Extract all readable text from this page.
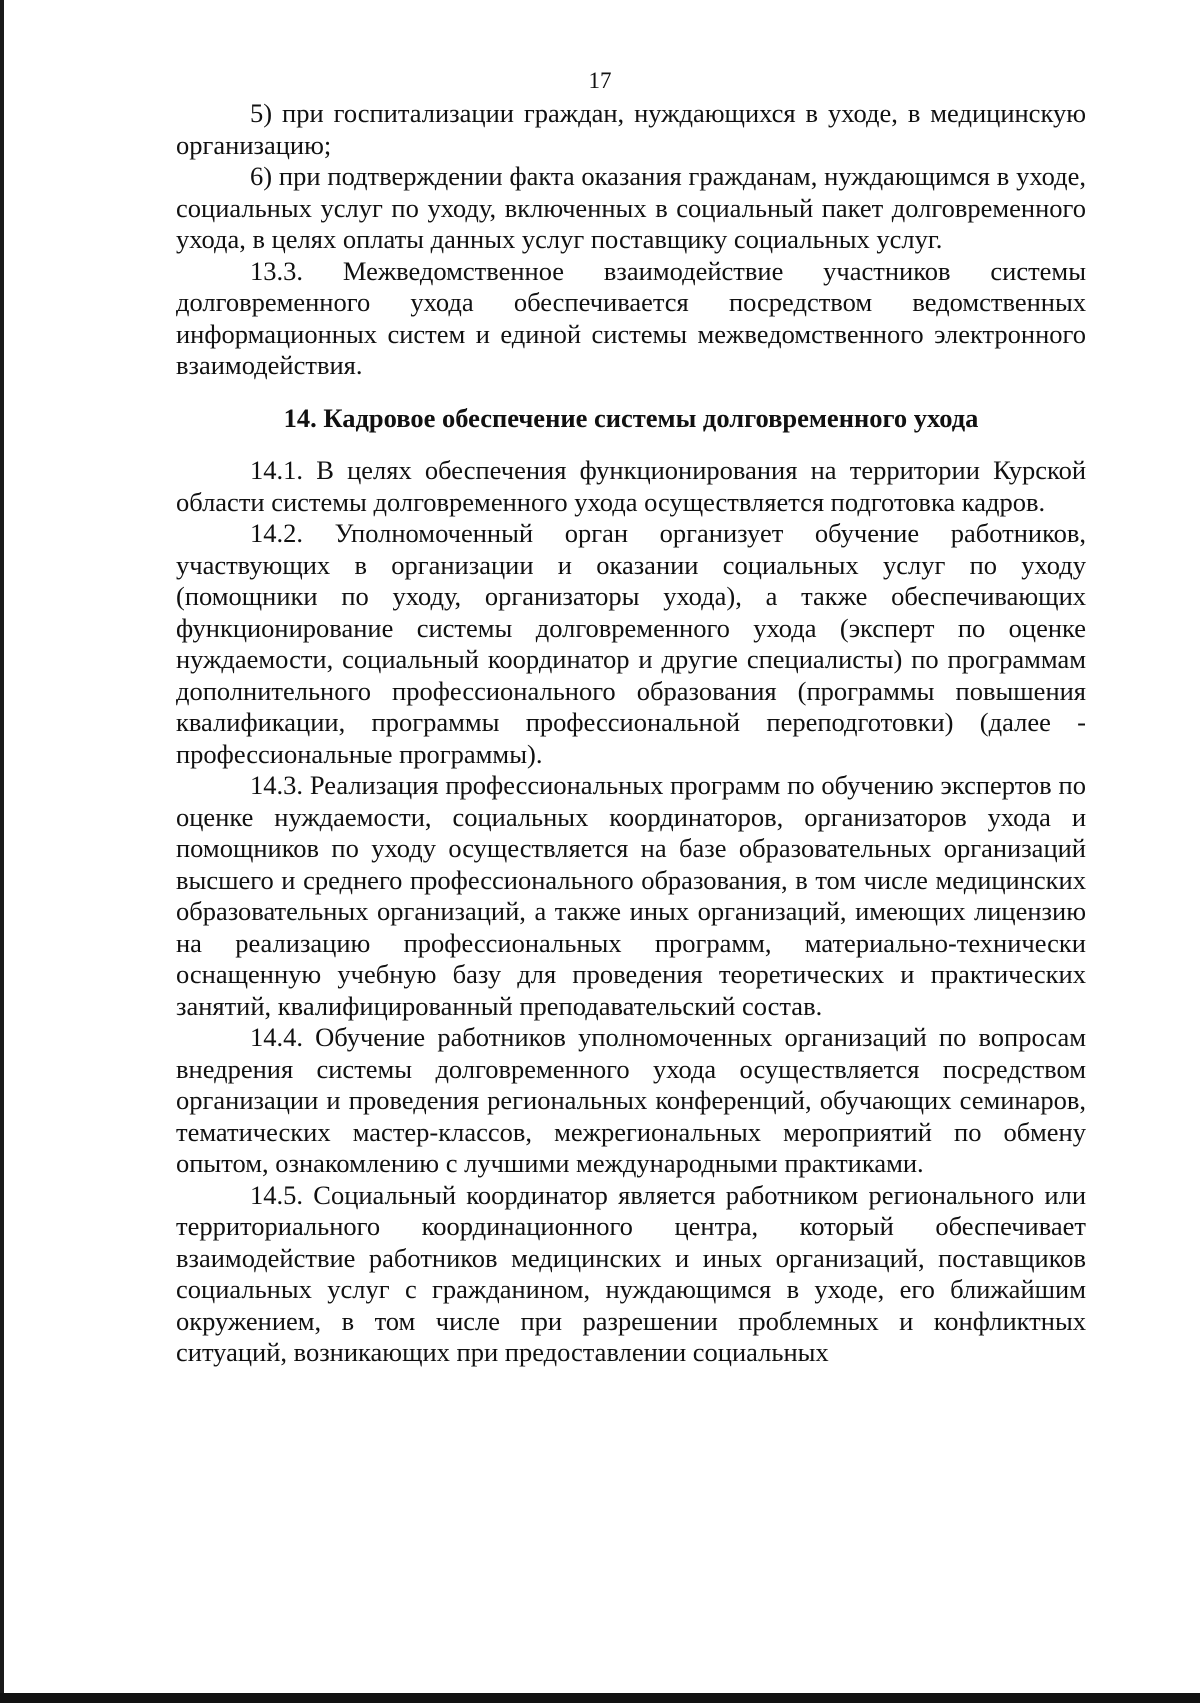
17

5) при госпитализации граждан, нуждающихся в уходе, в медицинскую организацию;

6) при подтверждении факта оказания гражданам, нуждающимся в уходе, социальных услуг по уходу, включенных в социальный пакет долговременного ухода, в целях оплаты данных услуг поставщику социальных услуг.

13.3. Межведомственное взаимодействие участников системы долговременного ухода обеспечивается посредством ведомственных информационных систем и единой системы межведомственного электронного взаимодействия.

14. Кадровое обеспечение системы долговременного ухода

14.1. В целях обеспечения функционирования на территории Курской области системы долговременного ухода осуществляется подготовка кадров.

14.2. Уполномоченный орган организует обучение работников, участвующих в организации и оказании социальных услуг по уходу (помощники по уходу, организаторы ухода), а также обеспечивающих функционирование системы долговременного ухода (эксперт по оценке нуждаемости, социальный координатор и другие специалисты) по программам дополнительного профессионального образования (программы повышения квалификации, программы профессиональной переподготовки) (далее - профессиональные программы).

14.3. Реализация профессиональных программ по обучению экспертов по оценке нуждаемости, социальных координаторов, организаторов ухода и помощников по уходу осуществляется на базе образовательных организаций высшего и среднего профессионального образования, в том числе медицинских образовательных организаций, а также иных организаций, имеющих лицензию на реализацию профессиональных программ, материально-технически оснащенную учебную базу для проведения теоретических и практических занятий, квалифицированный преподавательский состав.

14.4. Обучение работников уполномоченных организаций по вопросам внедрения системы долговременного ухода осуществляется посредством организации и проведения региональных конференций, обучающих семинаров, тематических мастер-классов, межрегиональных мероприятий по обмену опытом, ознакомлению с лучшими международными практиками.

14.5. Социальный координатор является работником регионального или территориального координационного центра, который обеспечивает взаимодействие работников медицинских и иных организаций, поставщиков социальных услуг с гражданином, нуждающимся в уходе, его ближайшим окружением, в том числе при разрешении проблемных и конфликтных ситуаций, возникающих при предоставлении социальных
